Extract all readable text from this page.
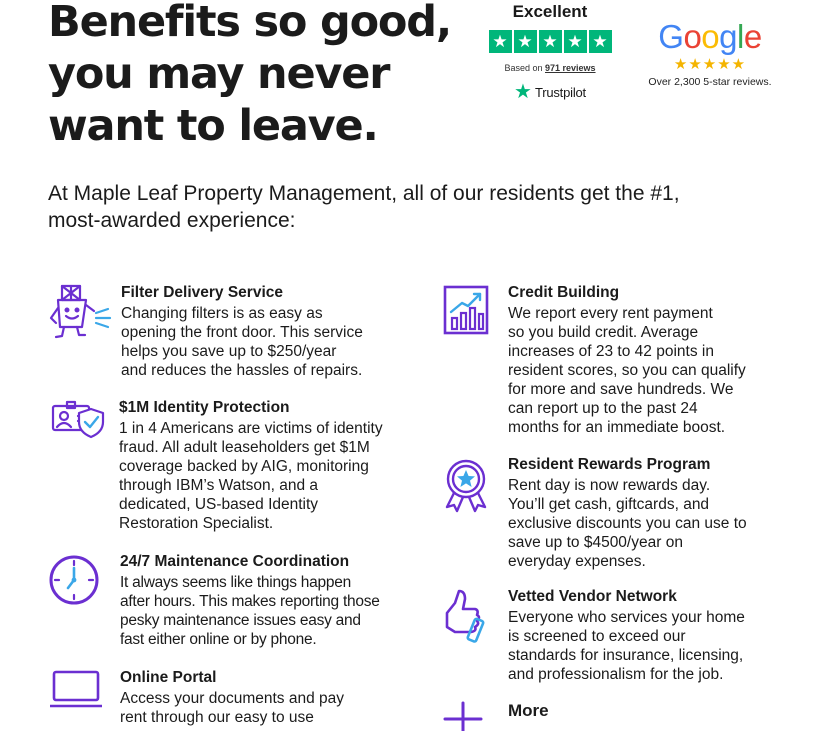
Benefits so good,
you may never
want to leave.
Excellent
★ ★ ★ ★ ★
Based on 971 reviews
★ Trustpilot
Google
★★★★★
Over 2,300 5-star reviews.

At Maple Leaf Property Management, all of our residents get the #1,
most-awarded experience:

Filter Delivery Service
Changing filters is as easy as
opening the front door. This service
helps you save up to $250/year
and reduces the hassles of repairs.
$1M Identity Protection
1 in 4 Americans are victims of identity
fraud. All adult leaseholders get $1M
coverage backed by AIG, monitoring
through IBM’s Watson, and a
dedicated, US-based Identity
Restoration Specialist.
24/7 Maintenance Coordination
It always seems like things happen
after hours. This makes reporting those
pesky maintenance issues easy and
fast either online or by phone.
Online Portal
Access your documents and pay
rent through our easy to use
Credit Building
We report every rent payment
so you build credit. Average
increases of 23 to 42 points in
resident scores, so you can qualify
for more and save hundreds. We
can report up to the past 24
months for an immediate boost.
Resident Rewards Program
Rent day is now rewards day.
You’ll get cash, giftcards, and
exclusive discounts you can use to
save up to $4500/year on
everyday expenses.
Vetted Vendor Network
Everyone who services your home
is screened to exceed our
standards for insurance, licensing,
and professionalism for the job.
More
